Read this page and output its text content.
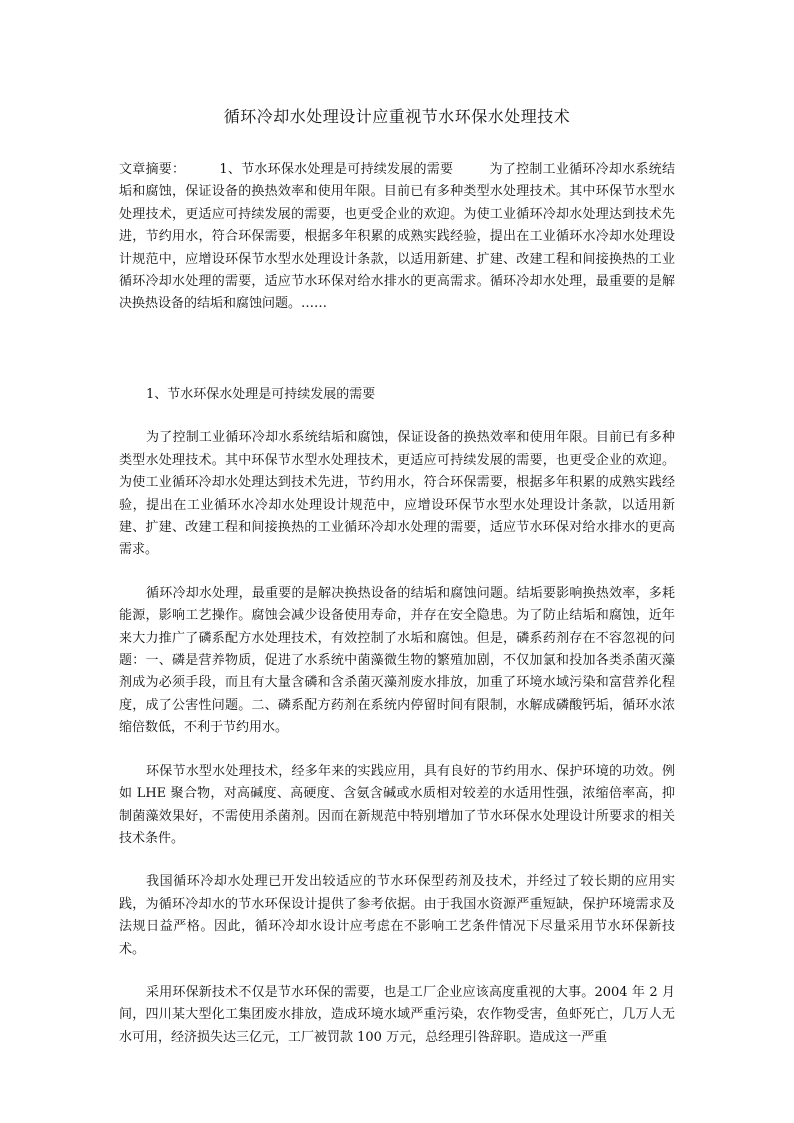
循环冷却水处理设计应重视节水环保水处理技术

文章摘要：	1、节水环保水处理是可持续发展的需要	为了控制工业循环冷却水系统结垢和腐蚀，保证设备的换热效率和使用年限。目前已有多种类型水处理技术。其中环保节水型水处理技术，更适应可持续发展的需要，也更受企业的欢迎。为使工业循环冷却水处理达到技术先进，节约用水，符合环保需要，根据多年积累的成熟实践经验，提出在工业循环水冷却水处理设计规范中，应增设环保节水型水处理设计条款，以适用新建、扩建、改建工程和间接换热的工业循环冷却水处理的需要，适应节水环保对给水排水的更高需求。循环冷却水处理，最重要的是解决换热设备的结垢和腐蚀问题。……

1、节水环保水处理是可持续发展的需要

为了控制工业循环冷却水系统结垢和腐蚀，保证设备的换热效率和使用年限。目前已有多种类型水处理技术。其中环保节水型水处理技术，更适应可持续发展的需要，也更受企业的欢迎。为使工业循环冷却水处理达到技术先进，节约用水，符合环保需要，根据多年积累的成熟实践经验，提出在工业循环水冷却水处理设计规范中，应增设环保节水型水处理设计条款，以适用新建、扩建、改建工程和间接换热的工业循环冷却水处理的需要，适应节水环保对给水排水的更高需求。

循环冷却水处理，最重要的是解决换热设备的结垢和腐蚀问题。结垢要影响换热效率，多耗能源，影响工艺操作。腐蚀会减少设备使用寿命，并存在安全隐患。为了防止结垢和腐蚀，近年来大力推广了磷系配方水处理技术，有效控制了水垢和腐蚀。但是，磷系药剂存在不容忽视的问题：一、磷是营养物质，促进了水系统中菌藻微生物的繁殖加剧，不仅加氯和投加各类杀菌灭藻剂成为必须手段，而且有大量含磷和含杀菌灭藻剂废水排放，加重了环境水域污染和富营养化程度，成了公害性问题。二、磷系配方药剂在系统内停留时间有限制，水解成磷酸钙垢，循环水浓缩倍数低，不利于节约用水。

环保节水型水处理技术，经多年来的实践应用，具有良好的节约用水、保护环境的功效。例如 LHE 聚合物，对高碱度、高硬度、含氨含碱或水质相对较差的水适用性强，浓缩倍率高，抑制菌藻效果好，不需使用杀菌剂。因而在新规范中特别增加了节水环保水处理设计所要求的相关技术条件。

我国循环冷却水处理已开发出较适应的节水环保型药剂及技术，并经过了较长期的应用实践，为循环冷却水的节水环保设计提供了参考依据。由于我国水资源严重短缺，保护环境需求及法规日益严格。因此，循环冷却水设计应考虑在不影响工艺条件情况下尽量采用节水环保新技术。

采用环保新技术不仅是节水环保的需要，也是工厂企业应该高度重视的大事。2004 年 2 月间，四川某大型化工集团废水排放，造成环境水域严重污染，农作物受害，鱼虾死亡，几万人无水可用，经济损失达三亿元，工厂被罚款 100 万元，总经理引咎辞职。造成这一严重
